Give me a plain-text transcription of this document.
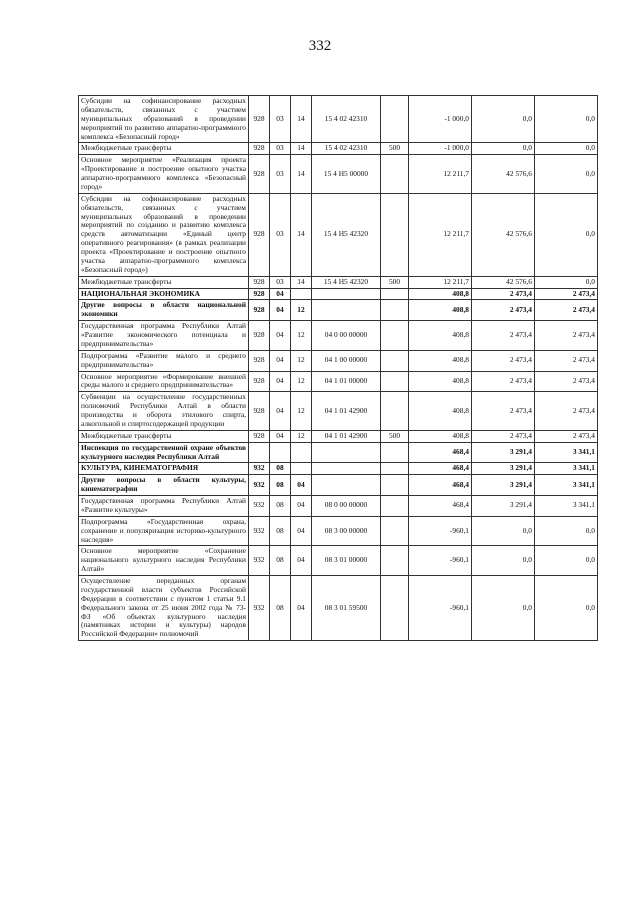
332
Субсидии на софинансирование расходных обязательств, связанных с участием муниципальных образований в проведении мероприятий по развитию аппаратно-программного комплекса «Безопасный город»	928	03	14	15 4 02 42310		-1 000,0	0,0	0,0
Межбюджетные трансферты	928	03	14	15 4 02 42310	500	-1 000,0	0,0	0,0
Основное мероприятие «Реализация проекта «Проектирование и построение опытного участка аппаратно-программного комплекса «Безопасный город»	928	03	14	15 4 H5 00000		12 211,7	42 576,6	0,0
Субсидии на софинансирование расходных обязательств, связанных с участием муниципальных образований в проведении мероприятий по созданию и развитию комплекса средств автоматизации «Единый центр оперативного реагирования» (в рамках реализации проекта «Проектирование и построение опытного участка аппаратно-программного комплекса «Безопасный город»)	928	03	14	15 4 H5 42320		12 211,7	42 576,6	0,0
Межбюджетные трансферты	928	03	14	15 4 H5 42320	500	12 211,7	42 576,6	0,0
НАЦИОНАЛЬНАЯ ЭКОНОМИКА	928	04				408,8	2 473,4	2 473,4
Другие вопросы в области национальной экономики	928	04	12			408,8	2 473,4	2 473,4
Государственная программа Республики Алтай «Развитие экономического потенциала и предпринимательства»	928	04	12	04 0 00 00000		408,8	2 473,4	2 473,4
Подпрограмма «Развитие малого и среднего предпринимательства»	928	04	12	04 1 00 00000		408,8	2 473,4	2 473,4
Основное мероприятие «Формирование внешней среды малого и среднего предпринимательства»	928	04	12	04 1 01 00000		408,8	2 473,4	2 473,4
Субвенции на осуществление государственных полномочий Республики Алтай в области производства и оборота этилового спирта, алкогольной и спиртосодержащей продукции	928	04	12	04 1 01 42900		408,8	2 473,4	2 473,4
Межбюджетные трансферты	928	04	12	04 1 01 42900	500	408,8	2 473,4	2 473,4
Инспекция по государственной охране объектов культурного наследия Республики Алтай						468,4	3 291,4	3 341,1
КУЛЬТУРА, КИНЕМАТОГРАФИЯ	932	08				468,4	3 291,4	3 341,1
Другие вопросы в области культуры, кинематографии	932	08	04			468,4	3 291,4	3 341,1
Государственная программа Республики Алтай «Развитие культуры»	932	08	04	08 0 00 00000		468,4	3 291,4	3 341,1
Подпрограмма «Государственная охрана, сохранение и популяризация историко-культурного наследия»	932	08	04	08 3 00 00000		-960,1	0,0	0,0
Основное мероприятие «Сохранение национального культурного наследия Республики Алтай»	932	08	04	08 3 01 00000		-960,1	0,0	0,0
Осуществление переданных органам государственной власти субъектов Российской Федерации в соответствии с пунктом 1 статьи 9.1 Федерального закона от 25 июня 2002 года № 73-ФЗ «Об объектах культурного наследия (памятниках истории и культуры) народов Российской Федерации» полномочий	932	08	04	08 3 01 59500		-960,1	0,0	0,0
